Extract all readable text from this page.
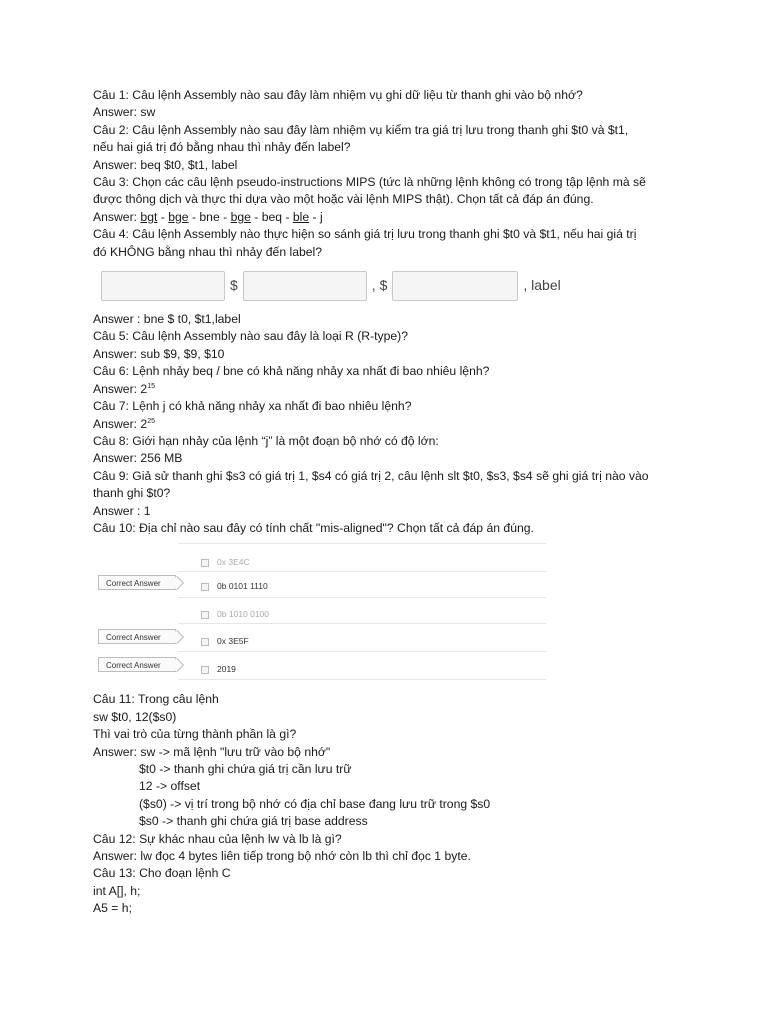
Câu 1: Câu lệnh Assembly nào sau đây làm nhiệm vụ ghi dữ liệu từ thanh ghi vào bộ nhớ?
Answer: sw
Câu 2: Câu lệnh Assembly nào sau đây làm nhiệm vụ kiểm tra giá trị lưu trong thanh ghi $t0 và $t1,
nếu hai giá trị đó bằng nhau thì nhảy đến label?
Answer: beq $t0, $t1, label
Câu 3: Chọn các câu lệnh pseudo-instructions MIPS (tức là những lệnh không có trong tập lệnh mà sẽ
được thông dịch và thực thi dựa vào một hoặc vài lệnh MIPS thật). Chọn tất cả đáp án đúng.
Answer: bgt - bge - bne - bge - beq - ble - j
Câu 4: Câu lệnh Assembly nào thực hiện so sánh giá trị lưu trong thanh ghi $t0 và $t1, nếu hai giá trị
đó KHÔNG bằng nhau thì nhảy đến label?
$	, $	, label
Answer : bne $ t0, $t1,label
Câu 5: Câu lệnh Assembly nào sau đây là loại R (R-type)?
Answer: sub $9, $9, $10
Câu 6: Lệnh nhảy beq / bne có khả năng nhảy xa nhất đi bao nhiêu lệnh?
Answer: $2^{15}$
Câu 7: Lệnh j có khả năng nhảy xa nhất đi bao nhiêu lệnh?
Answer: $2^{25}$
Câu 8: Giới hạn nhảy của lệnh “j” là một đoạn bộ nhớ có độ lớn:
Answer: 256 MB
Câu 9: Giả sử thanh ghi $s3 có giá trị 1, $s4 có giá trị 2, câu lệnh slt $t0, $s3, $s4 sẽ ghi giá trị nào vào
thanh ghi $t0?
Answer : 1
Câu 10: Địa chỉ nào sau đây có tính chất "mis-aligned"? Chọn tất cả đáp án đúng.
0x 3E4C
Correct Answer	0b 0101 1110
0b 1010 0100
Correct Answer	0x 3E5F
Correct Answer	2019
Câu 11: Trong câu lệnh
sw $t0, 12($s0)
Thì vai trò của từng thành phần là gì?
Answer: sw -> mã lệnh "lưu trữ vào bộ nhớ"
$t0 -> thanh ghi chứa giá trị cần lưu trữ
12 -> offset
($s0) -> vị trí trong bộ nhớ có địa chỉ base đang lưu trữ trong $s0
$s0 -> thanh ghi chứa giá trị base address
Câu 12: Sự khác nhau của lệnh lw và lb là gì?
Answer: lw đọc 4 bytes liên tiếp trong bộ nhớ còn lb thì chỉ đọc 1 byte.
Câu 13: Cho đoạn lệnh C
int A[], h;
A5 = h;
